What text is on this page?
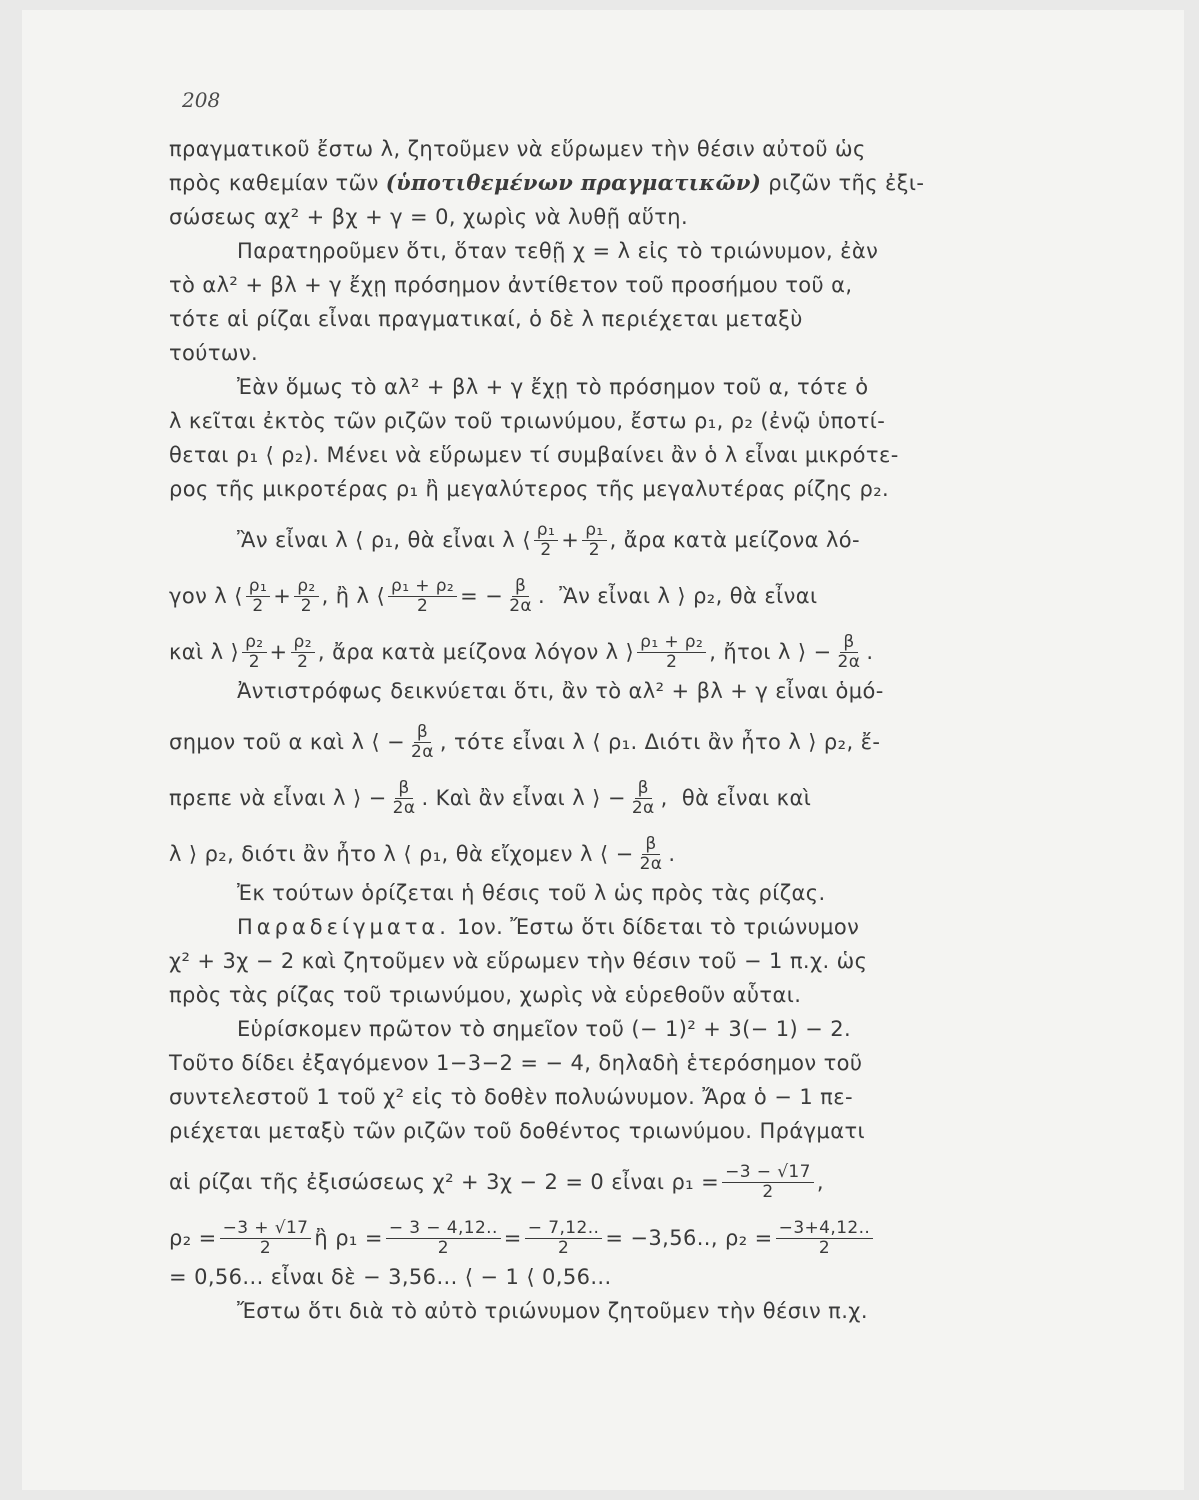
208
πραγματικοῦ ἔστω λ, ζητοῦμεν νὰ εὕρωμεν τὴν θέσιν αὐτοῦ ὡς
πρὸς καθεμίαν τῶν (ὑποτιθεμένων πραγματικῶν) ριζῶν τῆς ἐξι-
σώσεως αχ² + βχ + γ = 0, χωρὶς νὰ λυθῇ αὕτη.
Παρατηροῦμεν ὅτι, ὅταν τεθῇ χ = λ εἰς τὸ τριώνυμον, ἐὰν
τὸ αλ² + βλ + γ ἔχῃ πρόσημον ἀντίθετον τοῦ προσήμου τοῦ α,
τότε αἱ ρίζαι εἶναι πραγματικαί, ὁ δὲ λ περιέχεται μεταξὺ
τούτων.
Ἐὰν ὅμως τὸ αλ² + βλ + γ ἔχῃ τὸ πρόσημον τοῦ α, τότε ὁ
λ κεῖται ἐκτὸς τῶν ριζῶν τοῦ τριωνύμου, ἔστω ρ₁, ρ₂ (ἐνῷ ὑποτί-
θεται ρ₁ ⟨ ρ₂). Μένει νὰ εὕρωμεν τί συμβαίνει ἂν ὁ λ εἶναι μικρότε-
ρος τῆς μικροτέρας ρ₁ ἢ μεγαλύτερος τῆς μεγαλυτέρας ρίζης ρ₂.
Ἂν εἶναι λ ⟨ ρ₁, θὰ εἶναι λ ⟨ $\frac{\text{ρ₁}}{2} + \frac{\text{ρ₁}}{2}$ ,
ἄρα κατὰ μείζονα λό-
γον λ ⟨ $\frac{\text{ρ₁}}{2} + \frac{\text{ρ₂}}{2}$ ,
ἢ λ ⟨ $\frac{\text{ρ₁ + ρ₂}}{2}$ = − $\frac{\beta}{2\alpha}$ .
Ἂν εἶναι λ ⟩ ρ₂, θὰ εἶναι
καὶ λ ⟩ $\frac{\text{ρ₂}}{2} + \frac{\text{ρ₂}}{2}$ ,
ἄρα κατὰ μείζονα λόγον λ ⟩ $\frac{\text{ρ₁ + ρ₂}}{2}$ ,
ἤτοι λ ⟩ − $\frac{\beta}{2\alpha}$ .
Ἀντιστρόφως δεικνύεται ὅτι, ἂν τὸ αλ² + βλ + γ εἶναι ὁμό-
σημον τοῦ α καὶ λ ⟨ − $\frac{\beta}{2\alpha}$ ,
τότε εἶναι λ ⟨ ρ₁. Διότι ἂν ἦτο λ ⟩ ρ₂, ἔ-
πρεπε νὰ εἶναι λ ⟩ − $\frac{\beta}{2\alpha}$ .
Καὶ ἂν εἶναι λ ⟩ − $\frac{\beta}{2\alpha}$ ,
θὰ εἶναι καὶ
λ ⟩ ρ₂, διότι ἂν ἦτο λ ⟨ ρ₁, θὰ εἴχομεν λ ⟨ − $\frac{\beta}{2\alpha}$ .
Ἐκ τούτων ὁρίζεται ἡ θέσις τοῦ λ ὡς πρὸς τὰς ρίζας.
Παραδείγματα. 1ον. Ἔστω ὅτι δίδεται τὸ τριώνυμον
χ² + 3χ − 2 καὶ ζητοῦμεν νὰ εὕρωμεν τὴν θέσιν τοῦ − 1 π.χ. ὡς
πρὸς τὰς ρίζας τοῦ τριωνύμου, χωρὶς νὰ εὑρεθοῦν αὗται.
Εὑρίσκομεν πρῶτον τὸ σημεῖον τοῦ (− 1)² + 3(− 1) − 2.
Τοῦτο δίδει ἐξαγόμενον 1−3−2 = − 4, δηλαδὴ ἑτερόσημον τοῦ
συντελεστοῦ 1 τοῦ χ² εἰς τὸ δοθὲν πολυώνυμον. Ἄρα ὁ − 1 πε-
ριέχεται μεταξὺ τῶν ριζῶν τοῦ δοθέντος τριωνύμου. Πράγματι
αἱ ρίζαι τῆς ἐξισώσεως χ² + 3χ − 2 = 0 εἶναι $\rho_1 = \frac{-3 - √17}{2}$ ,
$\rho_2 = \frac{-3 + √17}{2}$ ἢ $\rho_1 = \frac{- 3 - 4,12..}{2} = \frac{- 7,12..}{2} = -3,56$.., $\rho_2 = \frac{-3+4,12..}{2}$
= 0,56... εἶναι δὲ − 3,56... ⟨ − 1 ⟨ 0,56...
Ἔστω ὅτι διὰ τὸ αὐτὸ τριώνυμον ζητοῦμεν τὴν θέσιν π.χ.
